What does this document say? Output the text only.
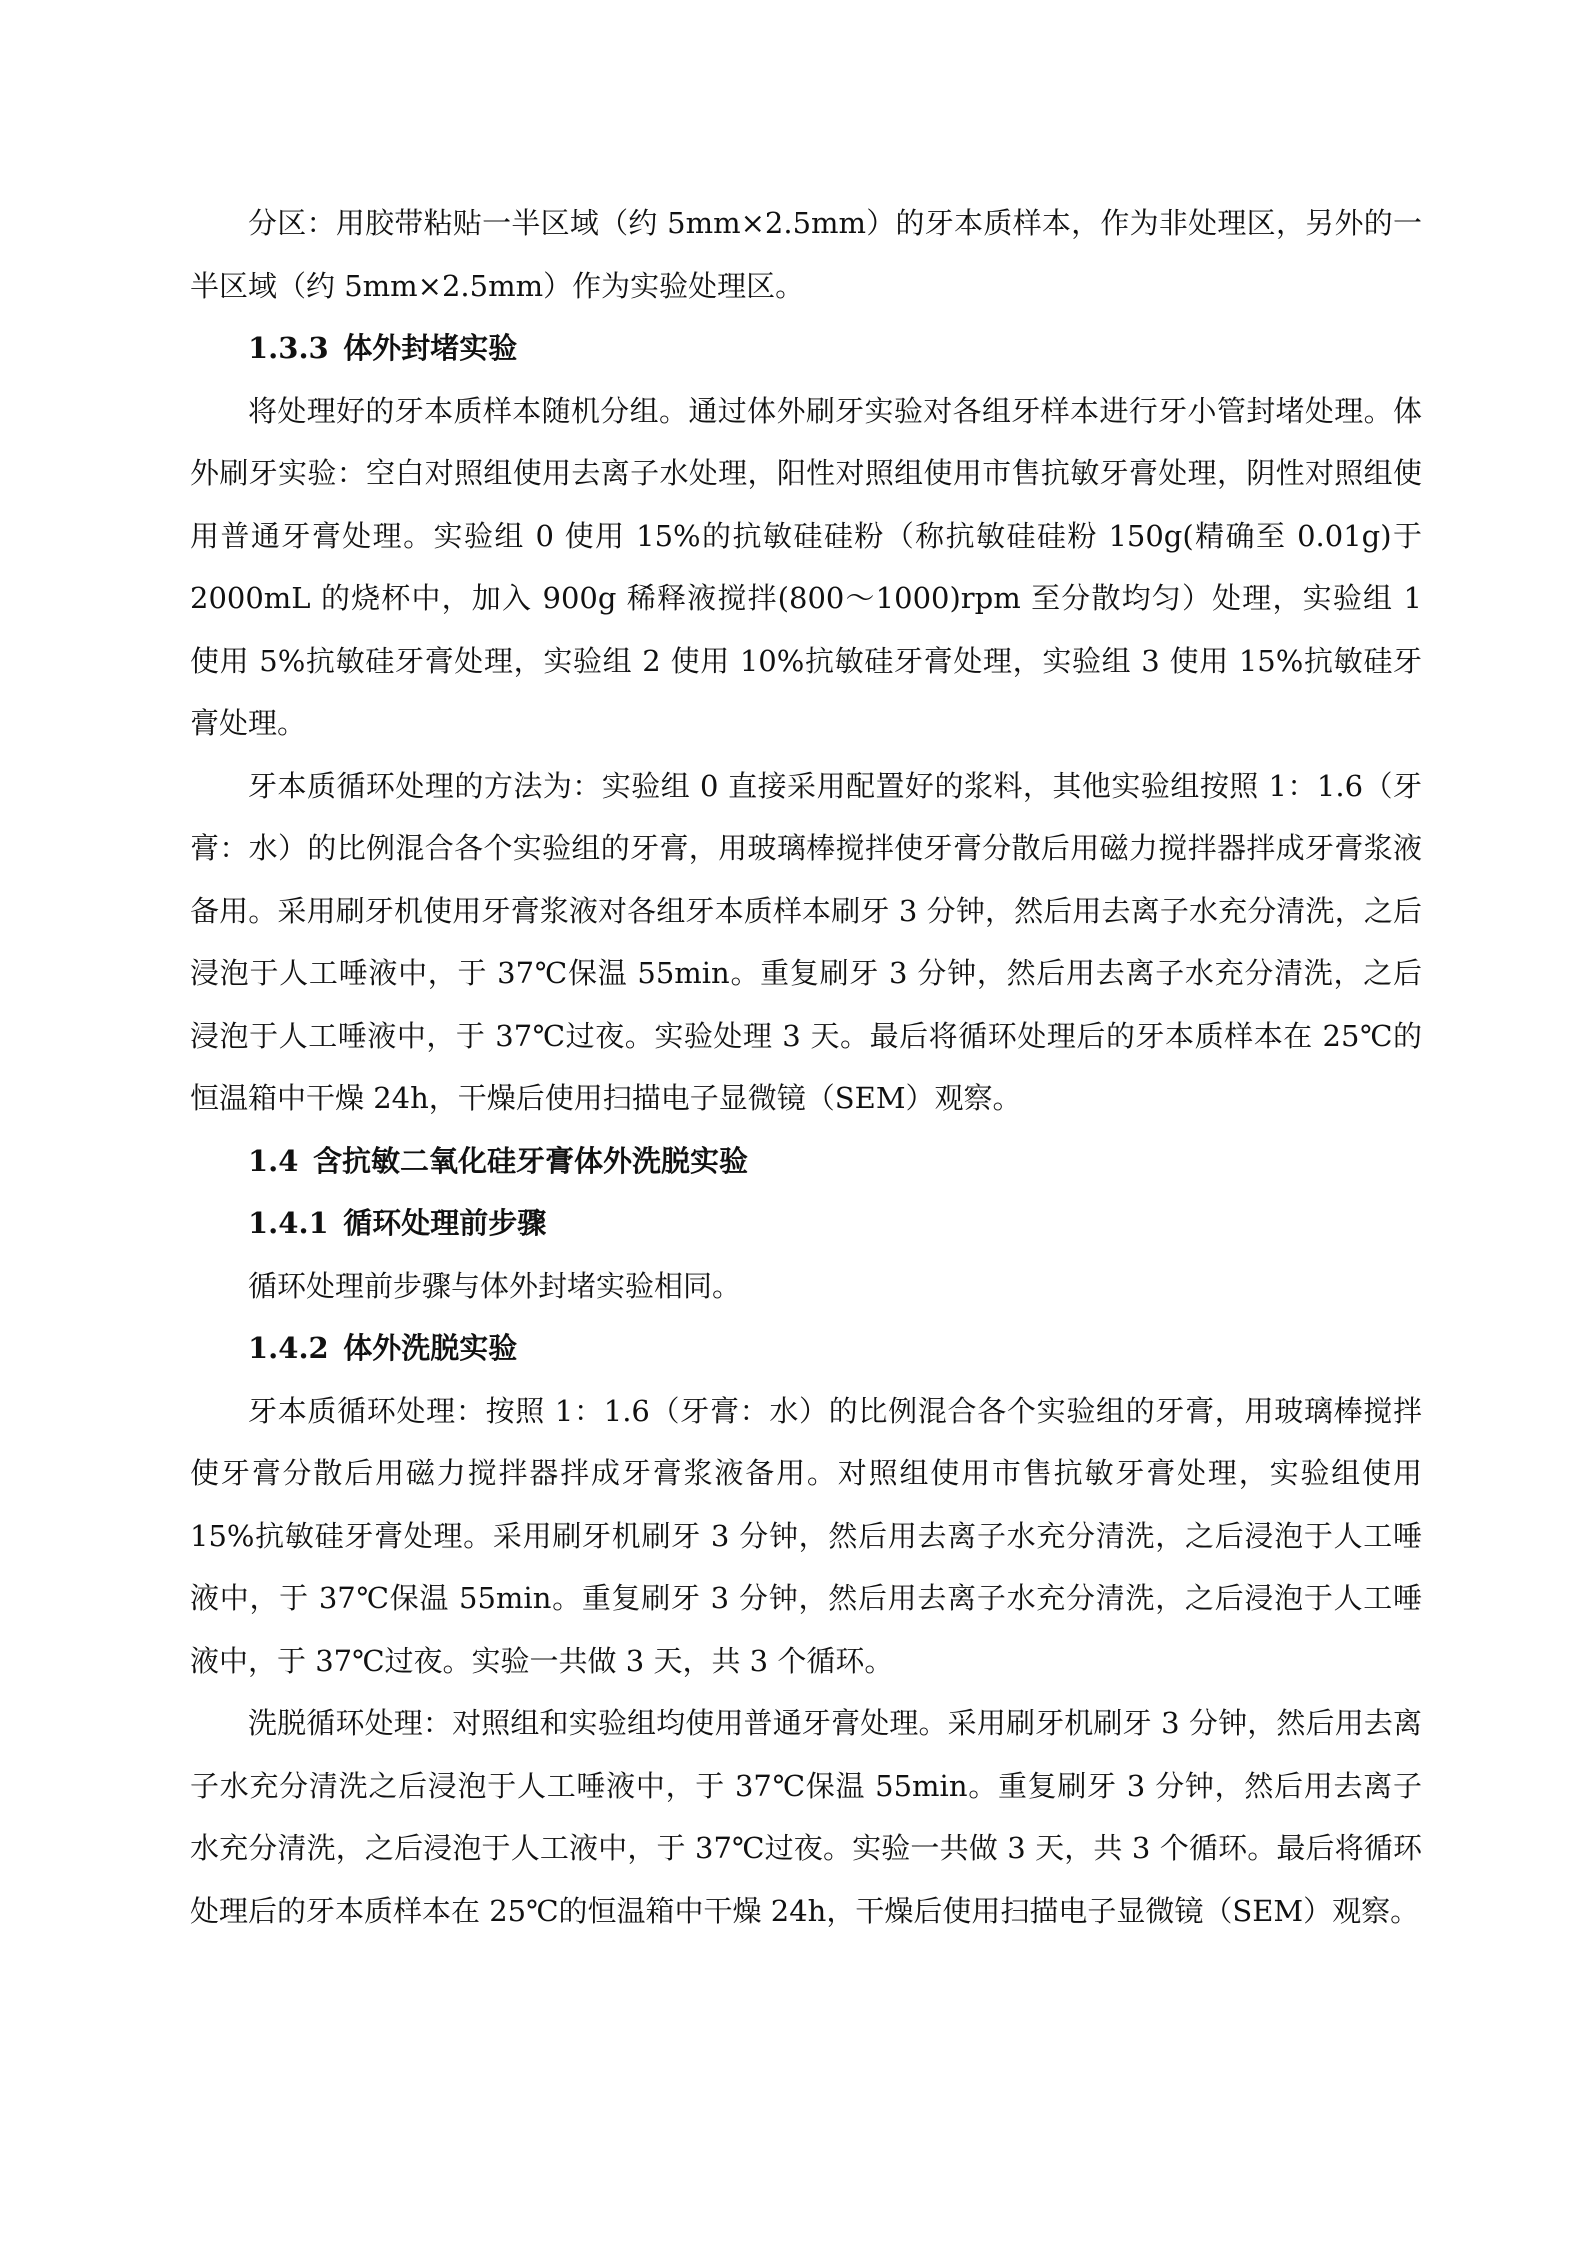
分区：用胶带粘贴一半区域（约 5mm×2.5mm）的牙本质样本，作为非处理区，另外的一半区域（约 5mm×2.5mm）作为实验处理区。

1.3.3 体外封堵实验

将处理好的牙本质样本随机分组。通过体外刷牙实验对各组牙样本进行牙小管封堵处理。体外刷牙实验：空白对照组使用去离子水处理，阳性对照组使用市售抗敏牙膏处理，阴性对照组使用普通牙膏处理。实验组 0 使用 15%的抗敏硅硅粉（称抗敏硅硅粉 150g(精确至 0.01g)于 2000mL 的烧杯中，加入 900g 稀释液搅拌(800～1000)rpm 至分散均匀）处理，实验组 1 使用 5%抗敏硅牙膏处理，实验组 2 使用 10%抗敏硅牙膏处理，实验组 3 使用 15%抗敏硅牙膏处理。

牙本质循环处理的方法为：实验组 0 直接采用配置好的浆料，其他实验组按照 1：1.6（牙膏：水）的比例混合各个实验组的牙膏，用玻璃棒搅拌使牙膏分散后用磁力搅拌器拌成牙膏浆液备用。采用刷牙机使用牙膏浆液对各组牙本质样本刷牙 3 分钟，然后用去离子水充分清洗，之后浸泡于人工唾液中，于 37℃保温 55min。重复刷牙 3 分钟，然后用去离子水充分清洗，之后浸泡于人工唾液中，于 37℃过夜。实验处理 3 天。最后将循环处理后的牙本质样本在 25℃的恒温箱中干燥 24h，干燥后使用扫描电子显微镜（SEM）观察。

1.4 含抗敏二氧化硅牙膏体外洗脱实验

1.4.1 循环处理前步骤

循环处理前步骤与体外封堵实验相同。

1.4.2 体外洗脱实验

牙本质循环处理：按照 1：1.6（牙膏：水）的比例混合各个实验组的牙膏，用玻璃棒搅拌使牙膏分散后用磁力搅拌器拌成牙膏浆液备用。对照组使用市售抗敏牙膏处理，实验组使用 15%抗敏硅牙膏处理。采用刷牙机刷牙 3 分钟，然后用去离子水充分清洗，之后浸泡于人工唾液中，于 37℃保温 55min。重复刷牙 3 分钟，然后用去离子水充分清洗，之后浸泡于人工唾液中，于 37℃过夜。实验一共做 3 天，共 3 个循环。

洗脱循环处理：对照组和实验组均使用普通牙膏处理。采用刷牙机刷牙 3 分钟，然后用去离子水充分清洗之后浸泡于人工唾液中，于 37℃保温 55min。重复刷牙 3 分钟，然后用去离子水充分清洗，之后浸泡于人工液中，于 37℃过夜。实验一共做 3 天，共 3 个循环。最后将循环处理后的牙本质样本在 25℃的恒温箱中干燥 24h，干燥后使用扫描电子显微镜（SEM）观察。
